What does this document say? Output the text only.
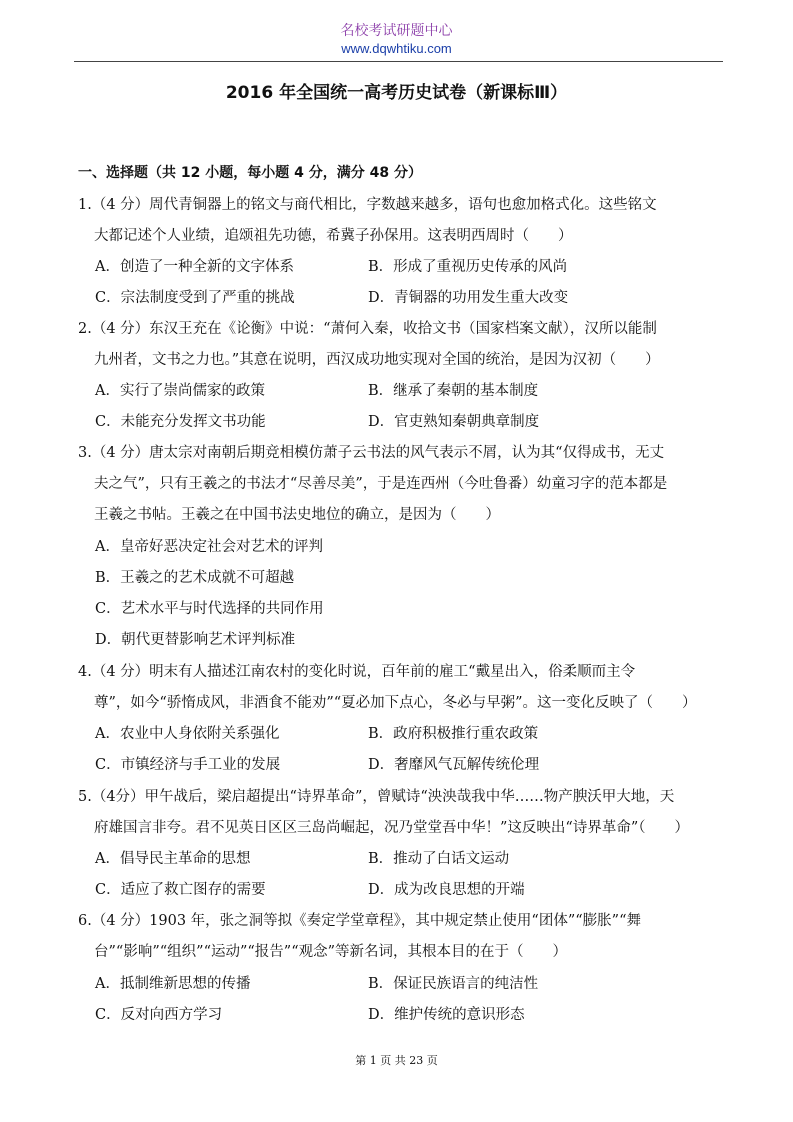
名校考试研题中心
www.dqwhtiku.com
2016 年全国统一高考历史试卷（新课标Ⅲ）
一、选择题（共 12 小题，每小题 4 分，满分 48 分）
1.（4 分）周代青铜器上的铭文与商代相比，字数越来越多，语句也愈加格式化。这些铭文
大都记述个人业绩，追颂祖先功德，希冀子孙保用。这表明西周时（　　）
A．创造了一种全新的文字体系	B．形成了重视历史传承的风尚
C．宗法制度受到了严重的挑战	D．青铜器的功用发生重大改变
2.（4 分）东汉王充在《论衡》中说：“萧何入秦，收拾文书（国家档案文献），汉所以能制
九州者，文书之力也。”其意在说明，西汉成功地实现对全国的统治，是因为汉初（　　）
A．实行了崇尚儒家的政策	B．继承了秦朝的基本制度
C．未能充分发挥文书功能	D．官吏熟知秦朝典章制度
3.（4 分）唐太宗对南朝后期竞相模仿萧子云书法的风气表示不屑，认为其“仅得成书，无丈
夫之气”，只有王羲之的书法才“尽善尽美”，于是连西州（今吐鲁番）幼童习字的范本都是
王羲之书帖。王羲之在中国书法史地位的确立，是因为（　　）
A．皇帝好恶决定社会对艺术的评判
B．王羲之的艺术成就不可超越
C．艺术水平与时代选择的共同作用
D．朝代更替影响艺术评判标准
4.（4 分）明末有人描述江南农村的变化时说，百年前的雇工“戴星出入，俗柔顺而主令
尊”，如今“骄惰成风，非酒食不能劝”“夏必加下点心，冬必与早粥”。这一变化反映了（　　）
A．农业中人身依附关系强化	B．政府积极推行重农政策
C．市镇经济与手工业的发展	D．奢靡风气瓦解传统伦理
5.（4分）甲午战后，梁启超提出“诗界革命”，曾赋诗“泱泱哉我中华……物产腴沃甲大地，天
府雄国言非夸。君不见英日区区三岛尚崛起，况乃堂堂吾中华！”这反映出“诗界革命”（　　）
A．倡导民主革命的思想	B．推动了白话文运动
C．适应了救亡图存的需要	D．成为改良思想的开端
6.（4 分）1903 年，张之洞等拟《奏定学堂章程》，其中规定禁止使用“团体”“膨胀”“舞
台”“影响”“组织”“运动”“报告”“观念”等新名词，其根本目的在于（　　）
A．抵制维新思想的传播	B．保证民族语言的纯洁性
C．反对向西方学习	D．维护传统的意识形态
第 1 页 共 23 页
